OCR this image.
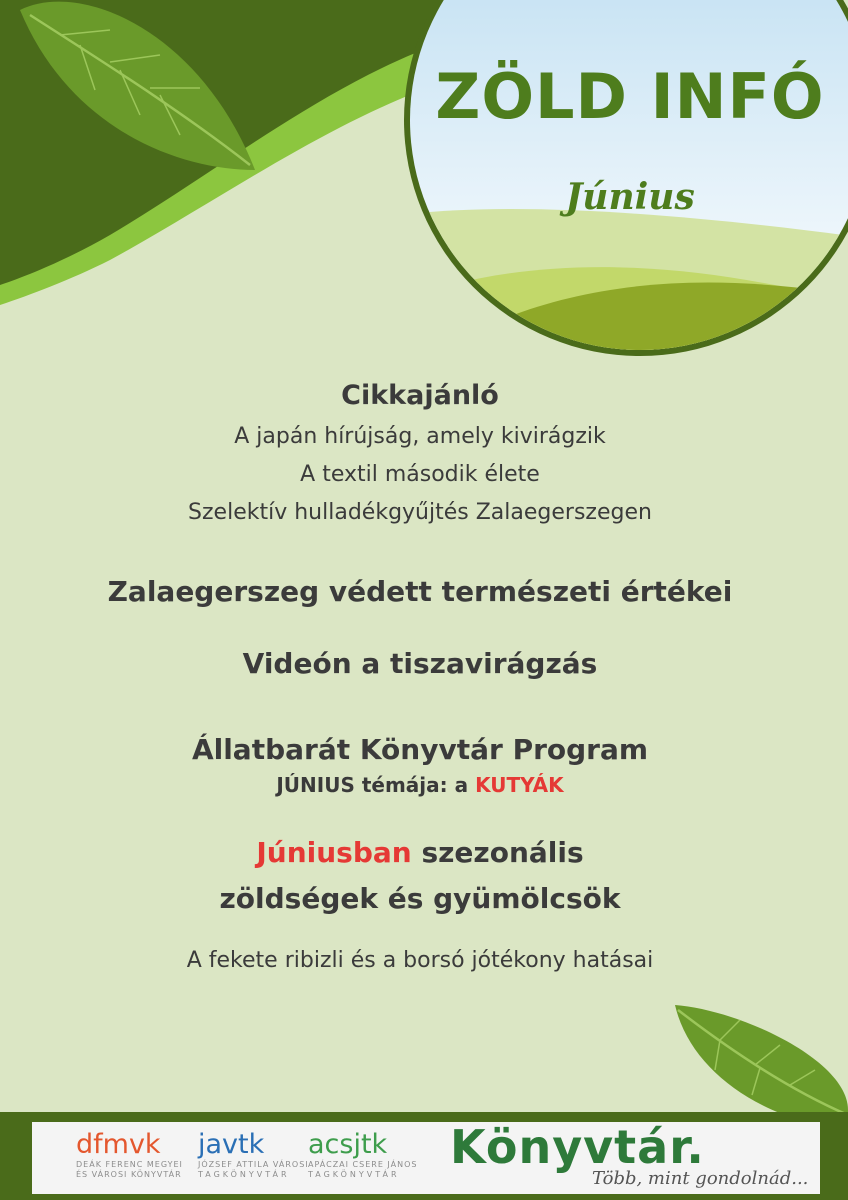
ZÖLD INFÓ
Június
Cikkajánló
A japán hírújság, amely kivirágzik
A textil második élete
Szelektív hulladékgyűjtés Zalaegerszegen
Zalaegerszeg védett természeti értékei
Videón a tiszavirágzás
Állatbarát Könyvtár Program
JÚNIUS témája: a KUTYÁK
Júniusban szezonális
zöldségek és gyümölcsök
A fekete ribizli és a borsó jótékony hatásai
dfmvk
DEÁK FERENC MEGYEI
ÉS VÁROSI KÖNYVTÁR
javtk
JÓZSEF ATTILA VÁROSI
TAGKÖNYVTÁR
acsjtk
APÁCZAI CSERE JÁNOS
TAGKÖNYVTÁR
Könyvtár.
Több, mint gondolnád...
